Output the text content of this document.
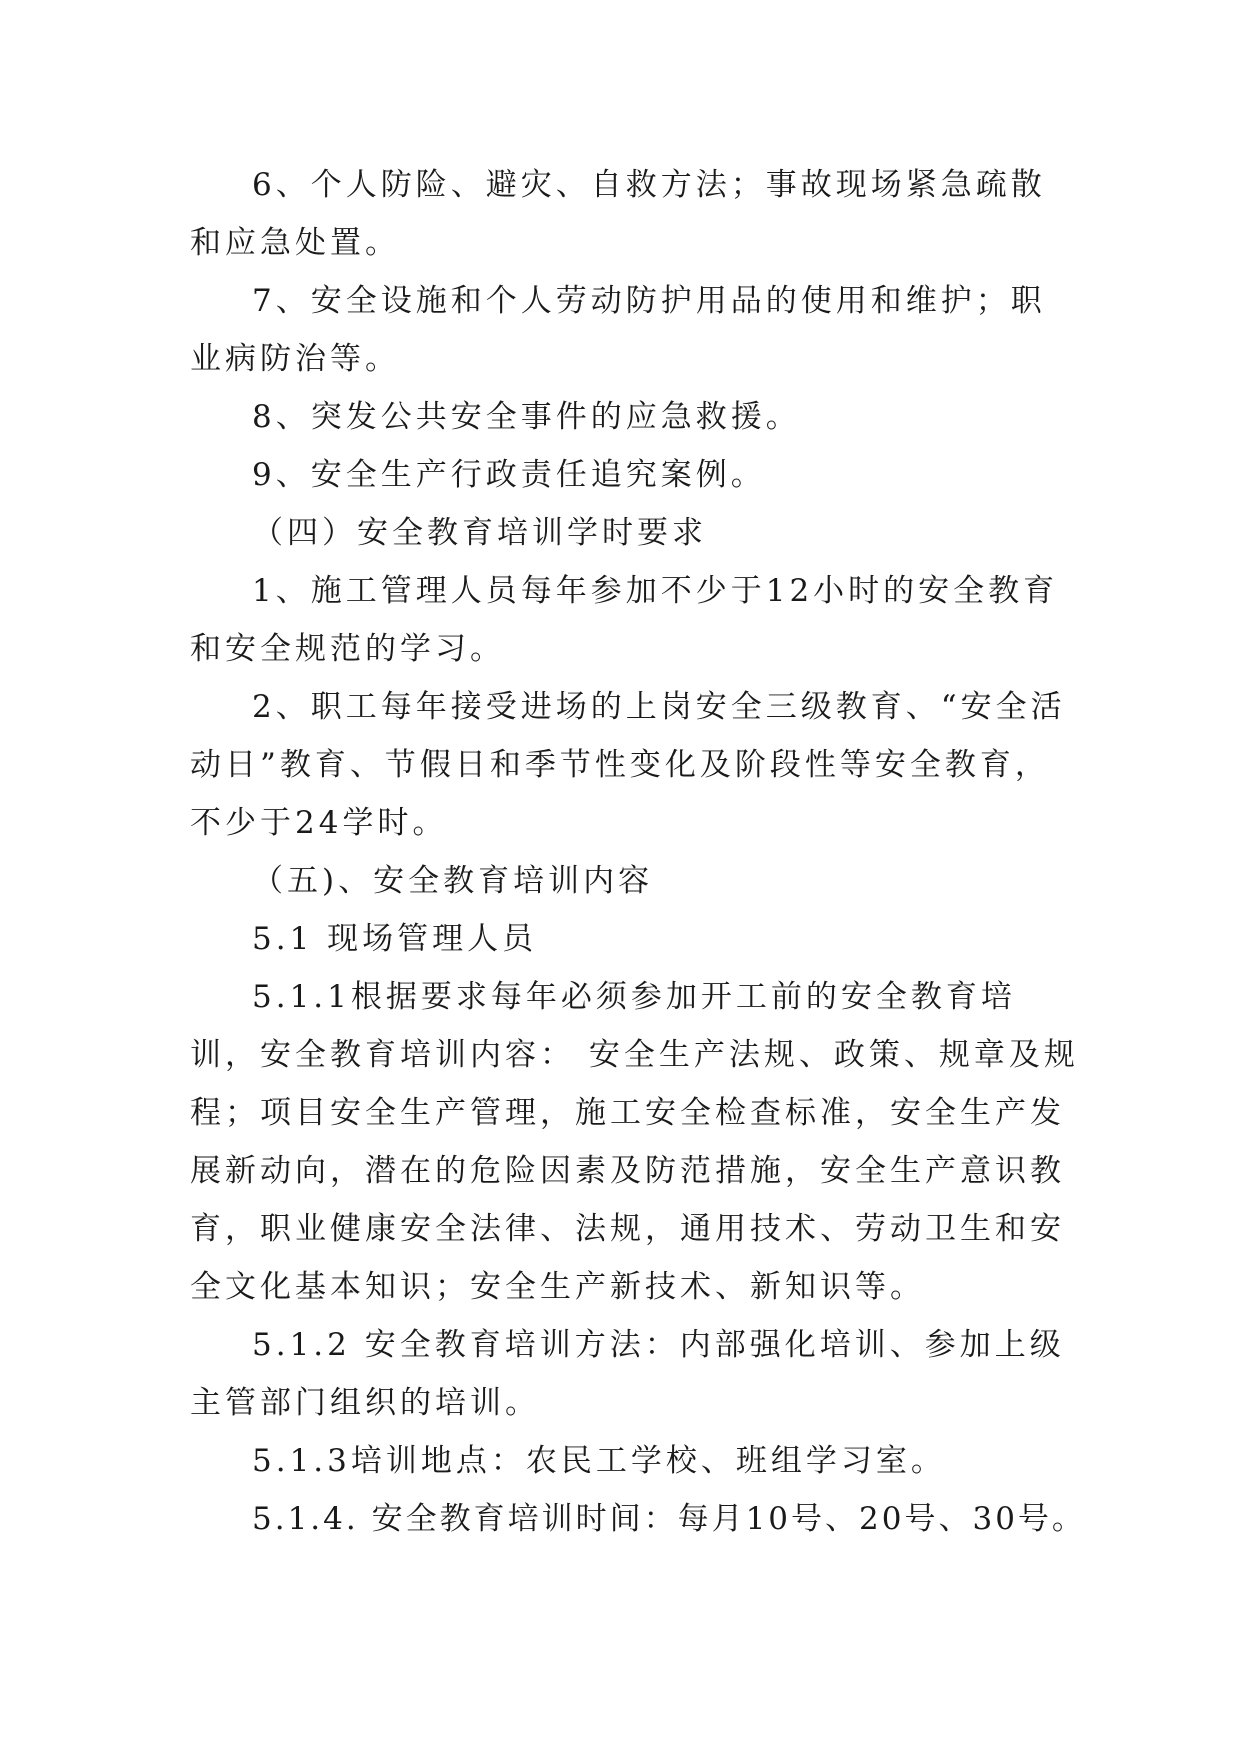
6、个人防险、避灾、自救方法；事故现场紧急疏散和应急处置。

7、安全设施和个人劳动防护用品的使用和维护；职业病防治等。

8、突发公共安全事件的应急救援。

9、安全生产行政责任追究案例。

（四）安全教育培训学时要求

1、施工管理人员每年参加不少于12小时的安全教育和安全规范的学习。

2、职工每年接受进场的上岗安全三级教育、“安全活动日”教育、节假日和季节性变化及阶段性等安全教育，不少于24学时。

（五)、安全教育培训内容

5.1 现场管理人员

5.1.1根据要求每年必须参加开工前的安全教育培训，安全教育培训内容： 安全生产法规、政策、规章及规程；项目安全生产管理，施工安全检查标准，安全生产发展新动向，潜在的危险因素及防范措施，安全生产意识教育，职业健康安全法律、法规，通用技术、劳动卫生和安全文化基本知识；安全生产新技术、新知识等。

5.1.2 安全教育培训方法：内部强化培训、参加上级主管部门组织的培训。

5.1.3培训地点：农民工学校、班组学习室。

5.1.4. 安全教育培训时间：每月10号、20号、30号。
